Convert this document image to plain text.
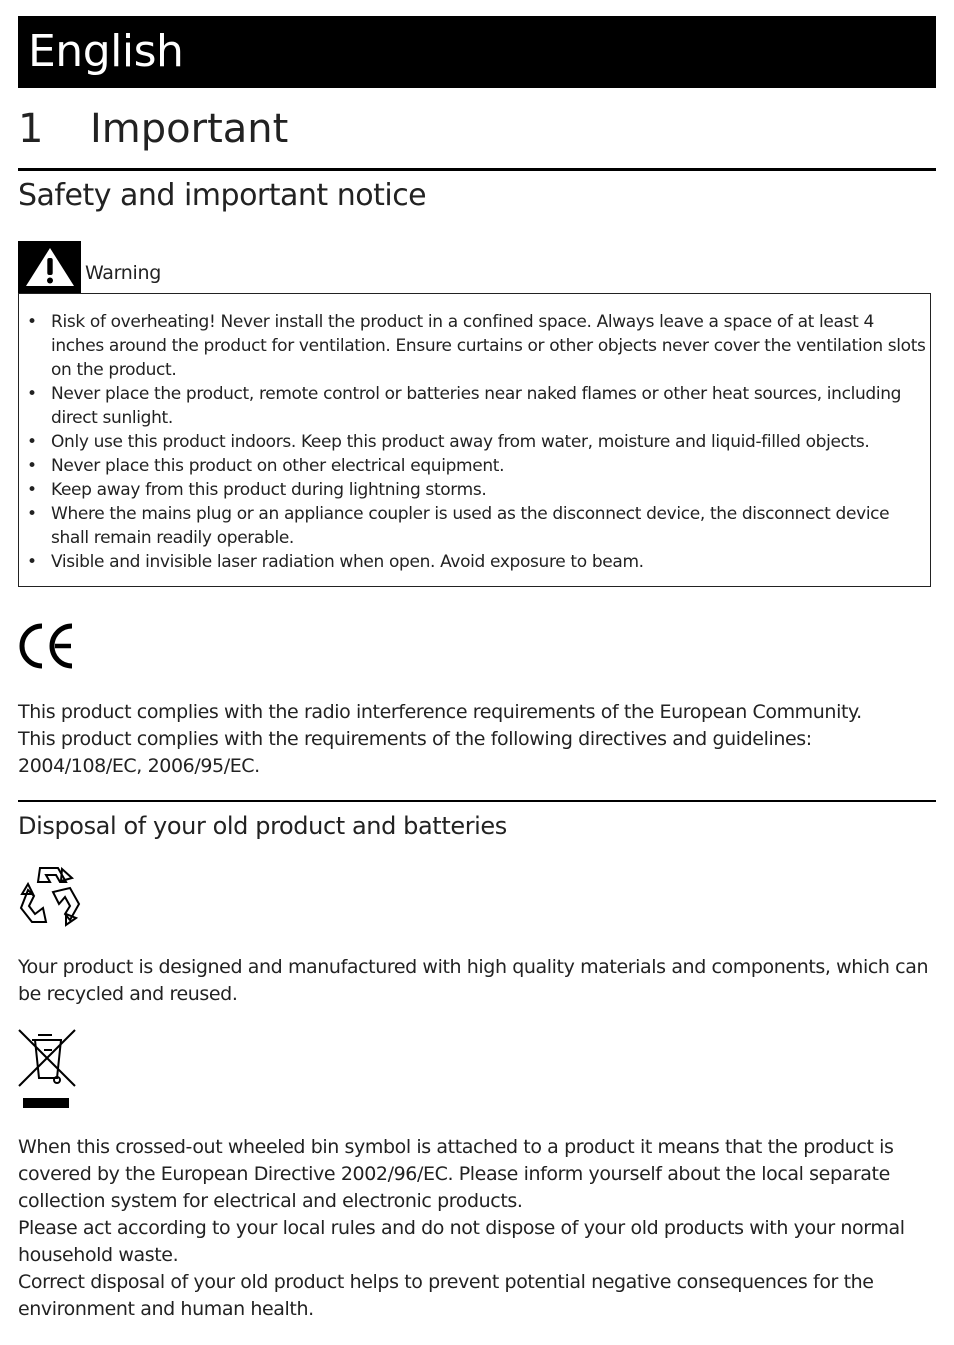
English
1	Important
Safety and important notice
Warning
• Risk of overheating! Never install the product in a confined space. Always leave a space of at least 4 inches around the product for ventilation. Ensure curtains or other objects never cover the ventilation slots on the product.
• Never place the product, remote control or batteries near naked flames or other heat sources, including direct sunlight.
• Only use this product indoors. Keep this product away from water, moisture and liquid-filled objects.
• Never place this product on other electrical equipment.
• Keep away from this product during lightning storms.
• Where the mains plug or an appliance coupler is used as the disconnect device, the disconnect device shall remain readily operable.
• Visible and invisible laser radiation when open. Avoid exposure to beam.
This product complies with the radio interference requirements of the European Community.
This product complies with the requirements of the following directives and guidelines: 2004/108/EC, 2006/95/EC.
Disposal of your old product and batteries
Your product is designed and manufactured with high quality materials and components, which can be recycled and reused.
When this crossed-out wheeled bin symbol is attached to a product it means that the product is covered by the European Directive 2002/96/EC. Please inform yourself about the local separate collection system for electrical and electronic products.
Please act according to your local rules and do not dispose of your old products with your normal household waste.
Correct disposal of your old product helps to prevent potential negative consequences for the environment and human health.
